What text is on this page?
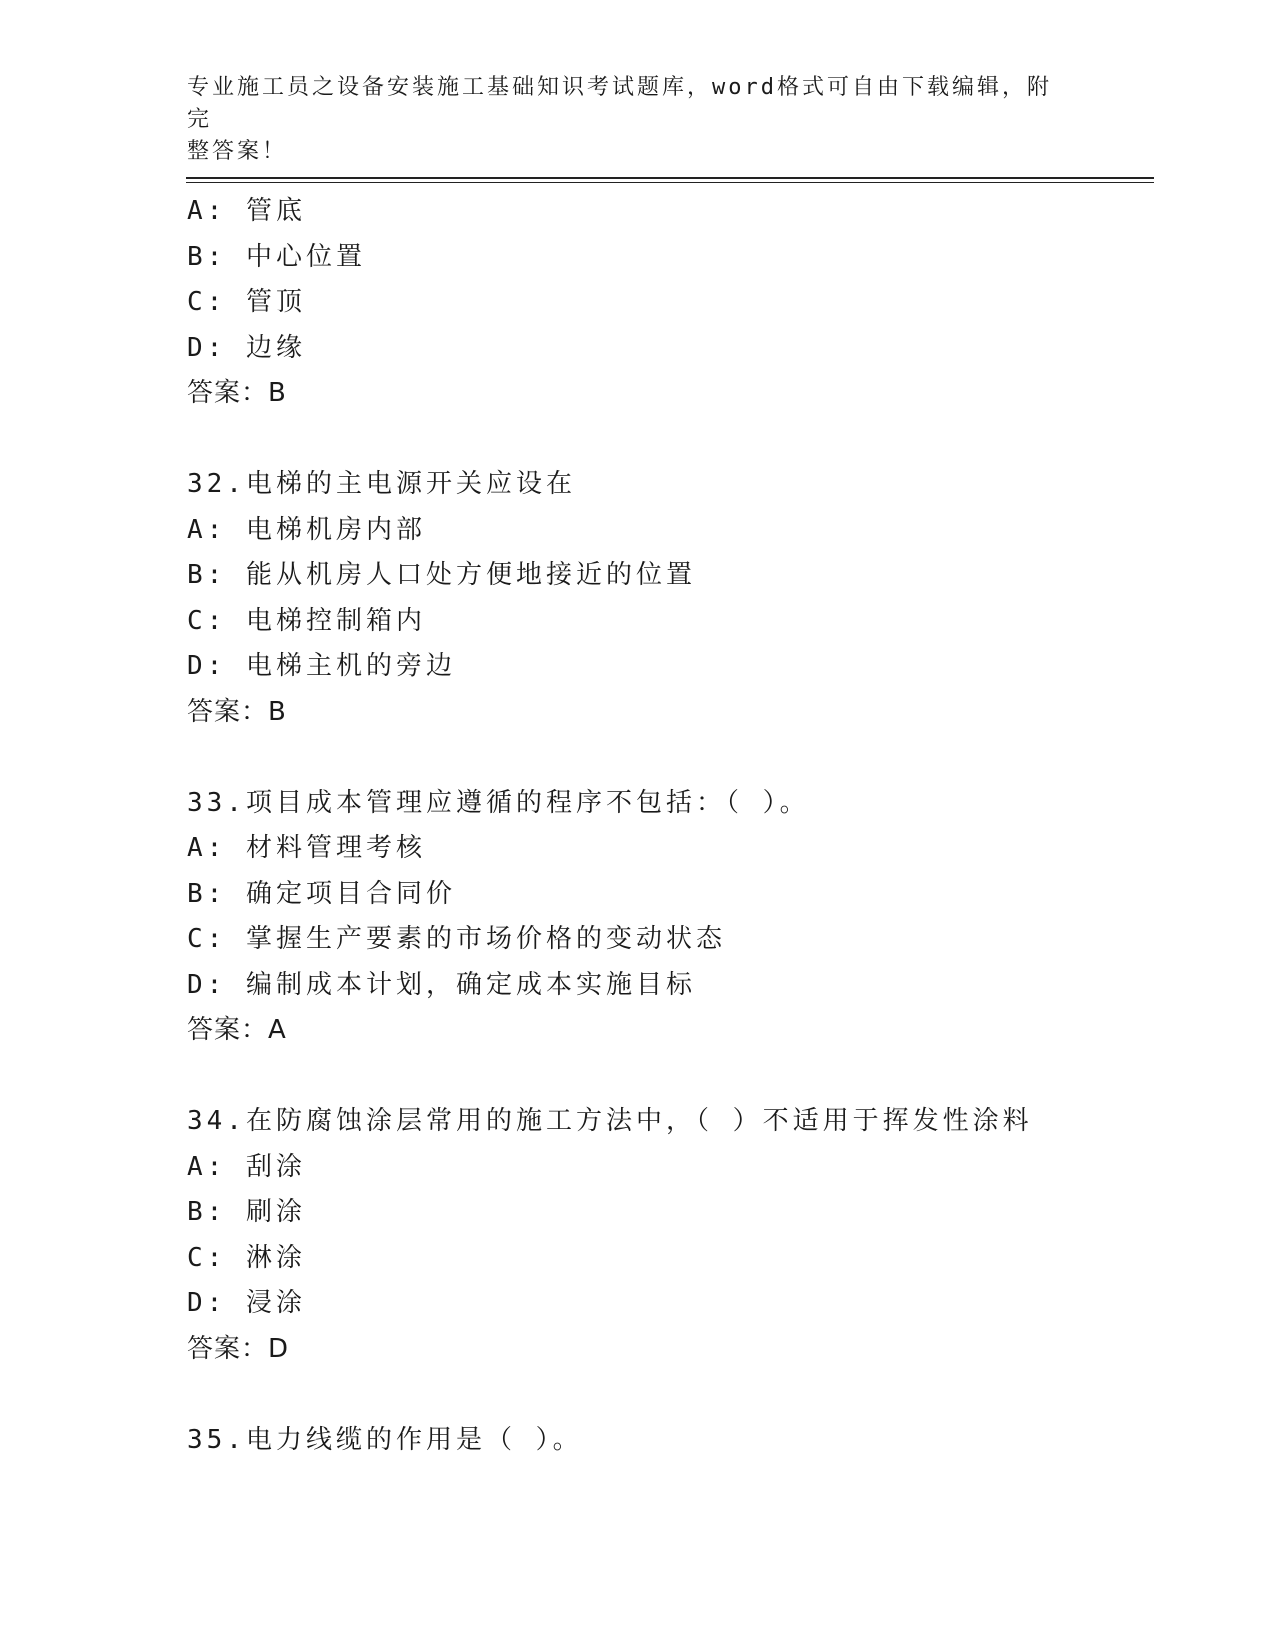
专业施工员之设备安装施工基础知识考试题库，word格式可自由下载编辑，附完
整答案！
A: 管底
B: 中心位置
C: 管顶
D: 边缘
答案：B
32.电梯的主电源开关应设在
A: 电梯机房内部
B: 能从机房人口处方便地接近的位置
C: 电梯控制箱内
D: 电梯主机的旁边
答案：B
33.项目成本管理应遵循的程序不包括：（ ）。
A: 材料管理考核
B: 确定项目合同价
C: 掌握生产要素的市场价格的变动状态
D: 编制成本计划，确定成本实施目标
答案：A
34.在防腐蚀涂层常用的施工方法中，（ ）不适用于挥发性涂料
A: 刮涂
B: 刷涂
C: 淋涂
D: 浸涂
答案：D
35.电力线缆的作用是（ ）。
